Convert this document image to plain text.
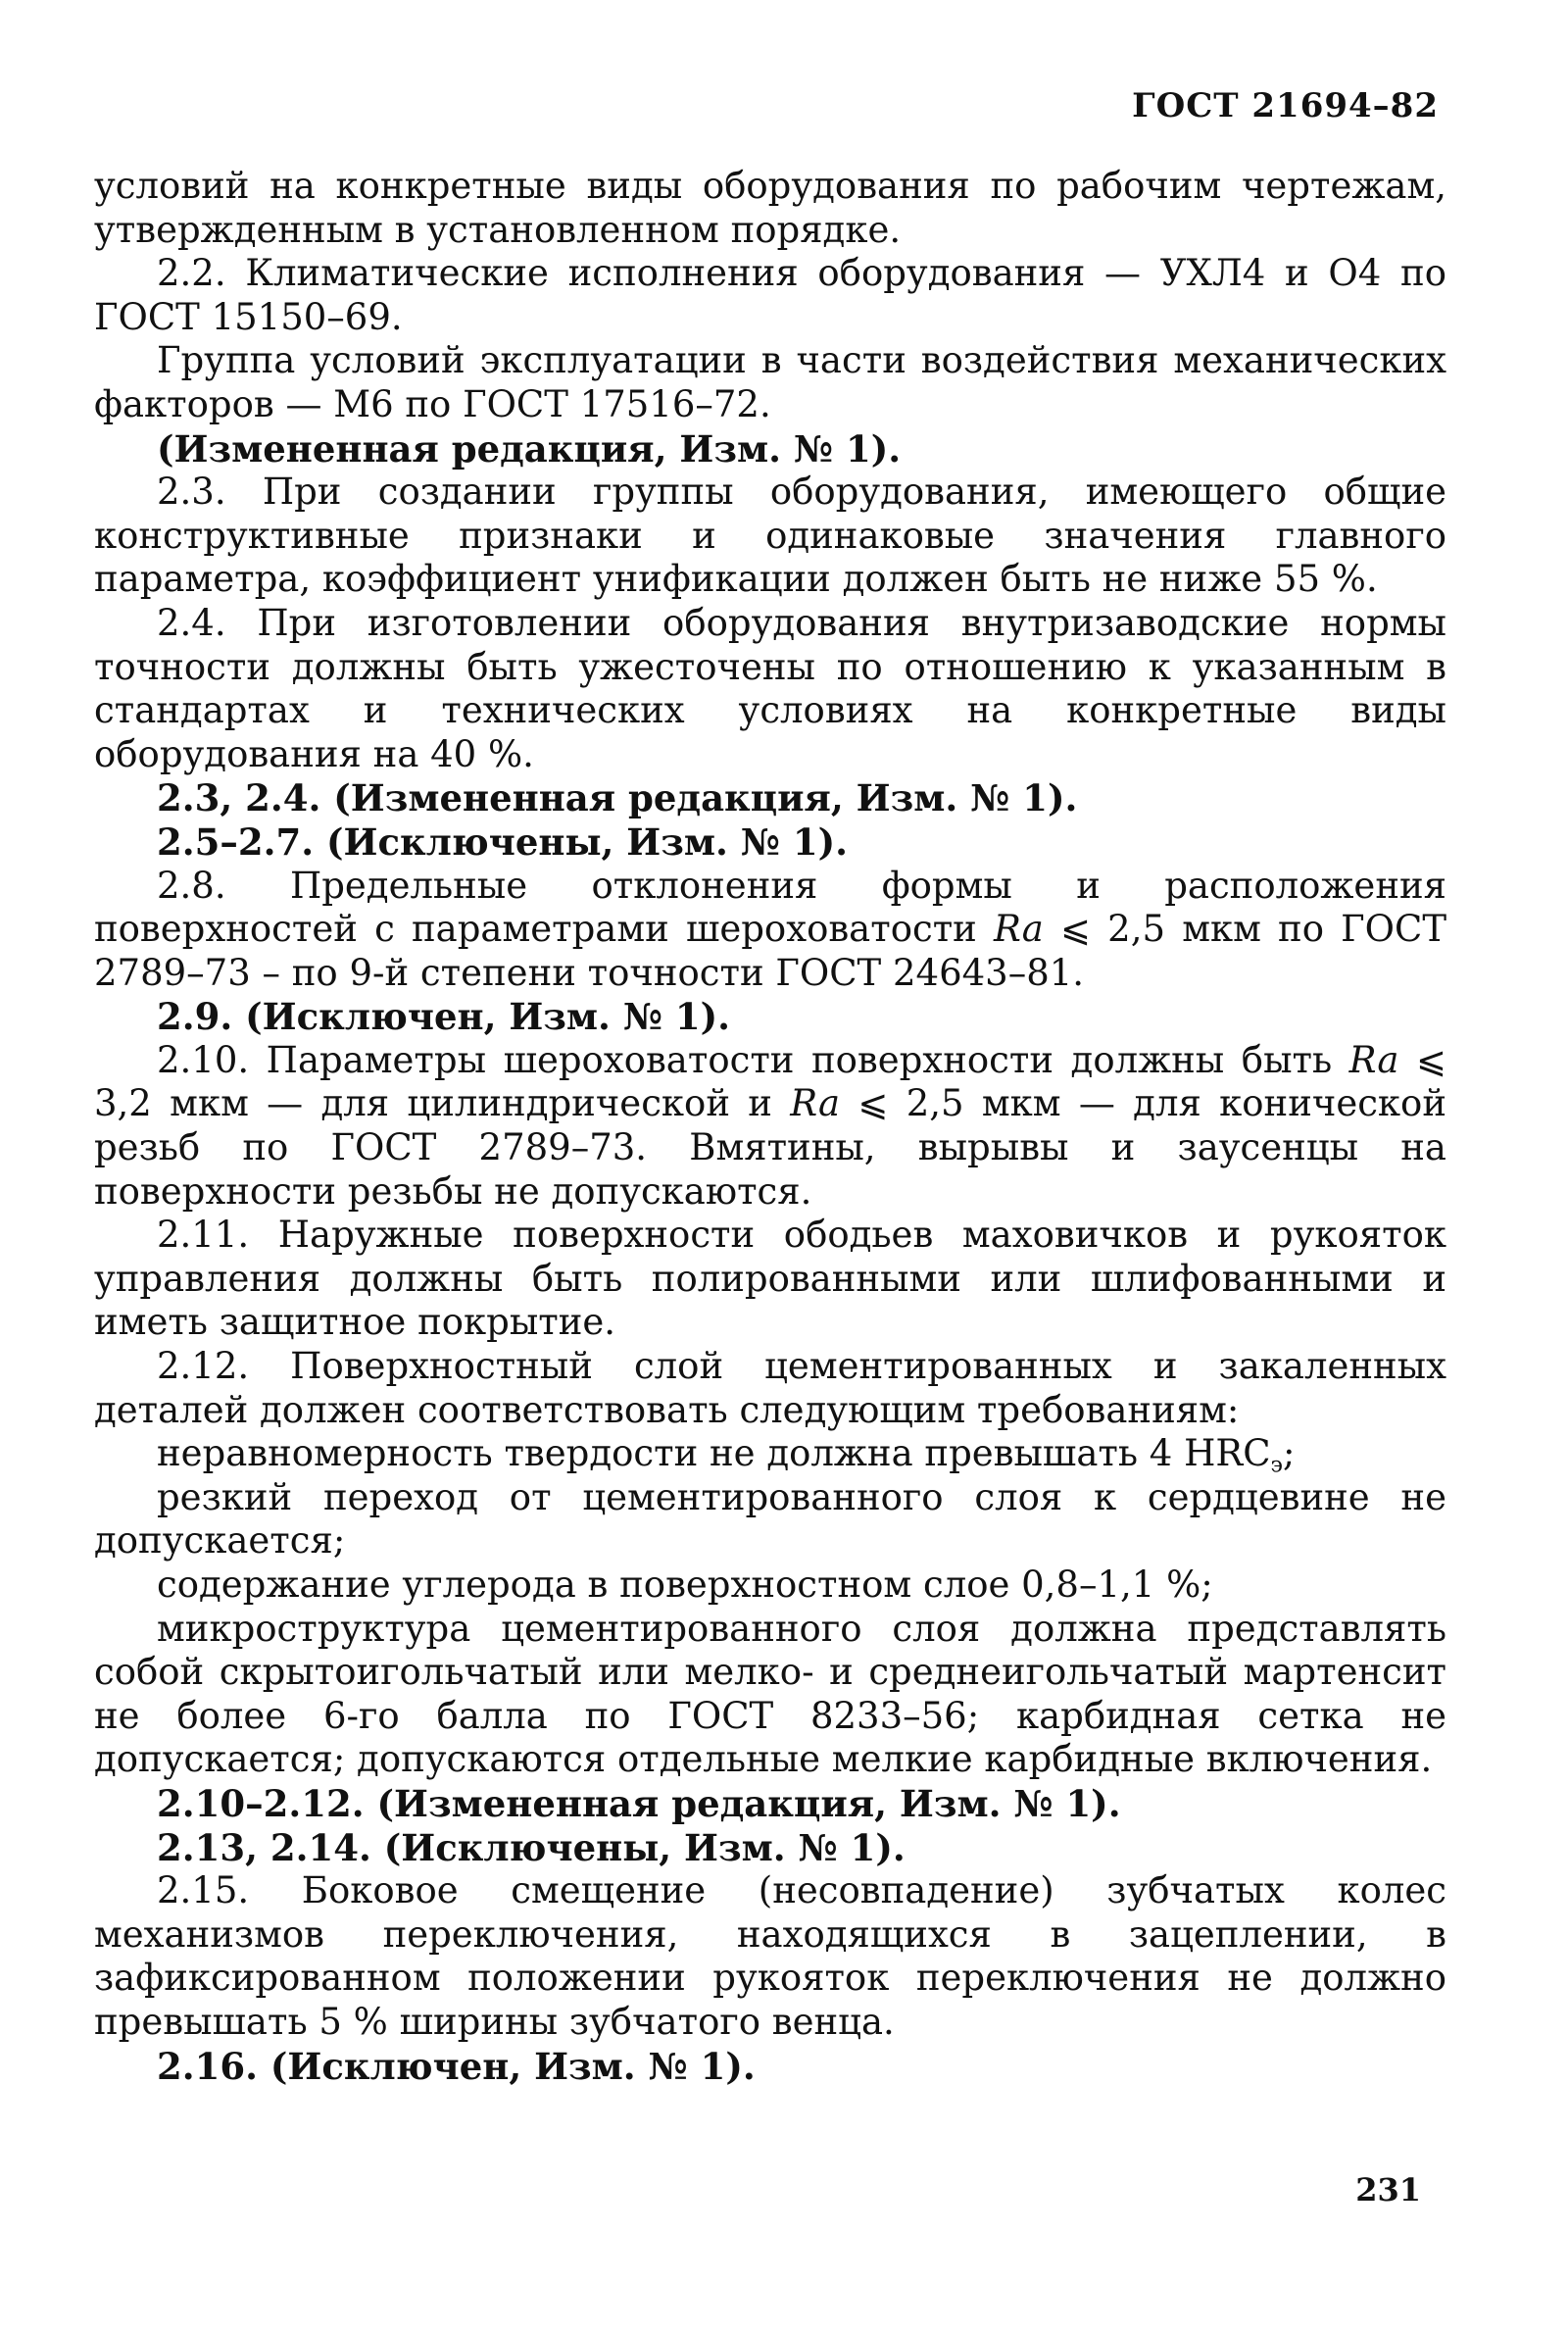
ГОСТ 21694–82

условий на конкретные виды оборудования по рабочим чертежам, утвержденным в установленном порядке.

2.2. Климатические исполнения оборудования — УХЛ4 и О4 по ГОСТ 15150–69.

Группа условий эксплуатации в части воздействия механических факторов — М6 по ГОСТ 17516–72.

(Измененная редакция, Изм. № 1).

2.3. При создании группы оборудования, имеющего общие конструктивные признаки и одинаковые значения главного параметра, коэффициент унификации должен быть не ниже 55 %.

2.4. При изготовлении оборудования внутризаводские нормы точности должны быть ужесточены по отношению к указанным в стандартах и технических условиях на конкретные виды оборудования на 40 %.

2.3, 2.4. (Измененная редакция, Изм. № 1).

2.5–2.7. (Исключены, Изм. № 1).

2.8. Предельные отклонения формы и расположения поверхностей с параметрами шероховатости Ra ⩽ 2,5 мкм по ГОСТ 2789–73 – по 9-й степени точности ГОСТ 24643–81.

2.9. (Исключен, Изм. № 1).

2.10. Параметры шероховатости поверхности должны быть Ra ⩽ 3,2 мкм — для цилиндрической и Ra ⩽ 2,5 мкм — для конической резьб по ГОСТ 2789–73. Вмятины, вырывы и заусенцы на поверхности резьбы не допускаются.

2.11. Наружные поверхности ободьев маховичков и рукояток управления должны быть полированными или шлифованными и иметь защитное покрытие.

2.12. Поверхностный слой цементированных и закаленных деталей должен соответствовать следующим требованиям:

неравномерность твердости не должна превышать 4 $HRC_э$;

резкий переход от цементированного слоя к сердцевине не допускается;

содержание углерода в поверхностном слое 0,8–1,1 %;

микроструктура цементированного слоя должна представлять собой скрытоигольчатый или мелко- и среднеигольчатый мартенсит не более 6-го балла по ГОСТ 8233–56; карбидная сетка не допускается; допускаются отдельные мелкие карбидные включения.

2.10–2.12. (Измененная редакция, Изм. № 1).

2.13, 2.14. (Исключены, Изм. № 1).

2.15. Боковое смещение (несовпадение) зубчатых колес механизмов переключения, находящихся в зацеплении, в зафиксированном положении рукояток переключения не должно превышать 5 % ширины зубчатого венца.

2.16. (Исключен, Изм. № 1).

231
